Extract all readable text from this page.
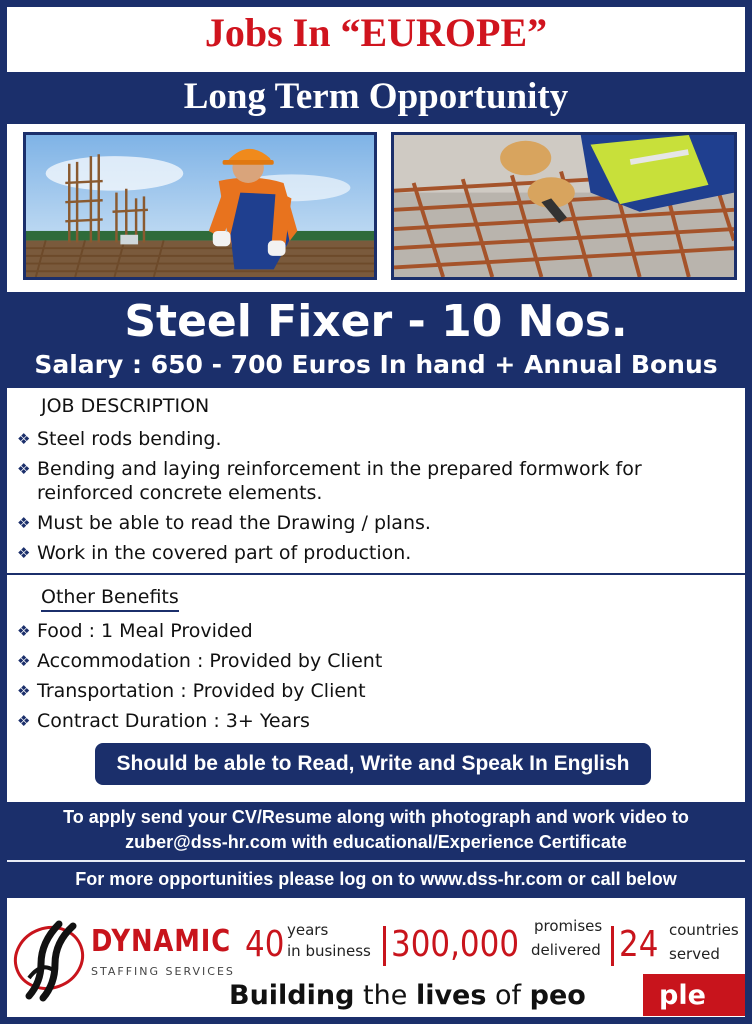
Jobs In “EUROPE”
Long Term Opportunity
Steel Fixer - 10 Nos.
Salary : 650 - 700 Euros In hand + Annual Bonus
JOB DESCRIPTION
❖ Steel rods bending.
❖ Bending and laying reinforcement in the prepared formwork for reinforced concrete elements.
❖ Must be able to read the Drawing / plans.
❖ Work in the covered part of production.
Other Benefits
❖ Food : 1 Meal Provided
❖ Accommodation : Provided by Client
❖ Transportation : Provided by Client
❖ Contract Duration : 3+ Years
Should be able to Read, Write and Speak In English
To apply send your CV/Resume along with photograph and work video to
zuber@dss-hr.com with educational/Experience Certificate
For more opportunities please log on to www.dss-hr.com or call below
DYNAMIC
STAFFING SERVICES
40 years
in business 300,000 promises
delivered 24 countries
served
Building the lives of peo	ple
